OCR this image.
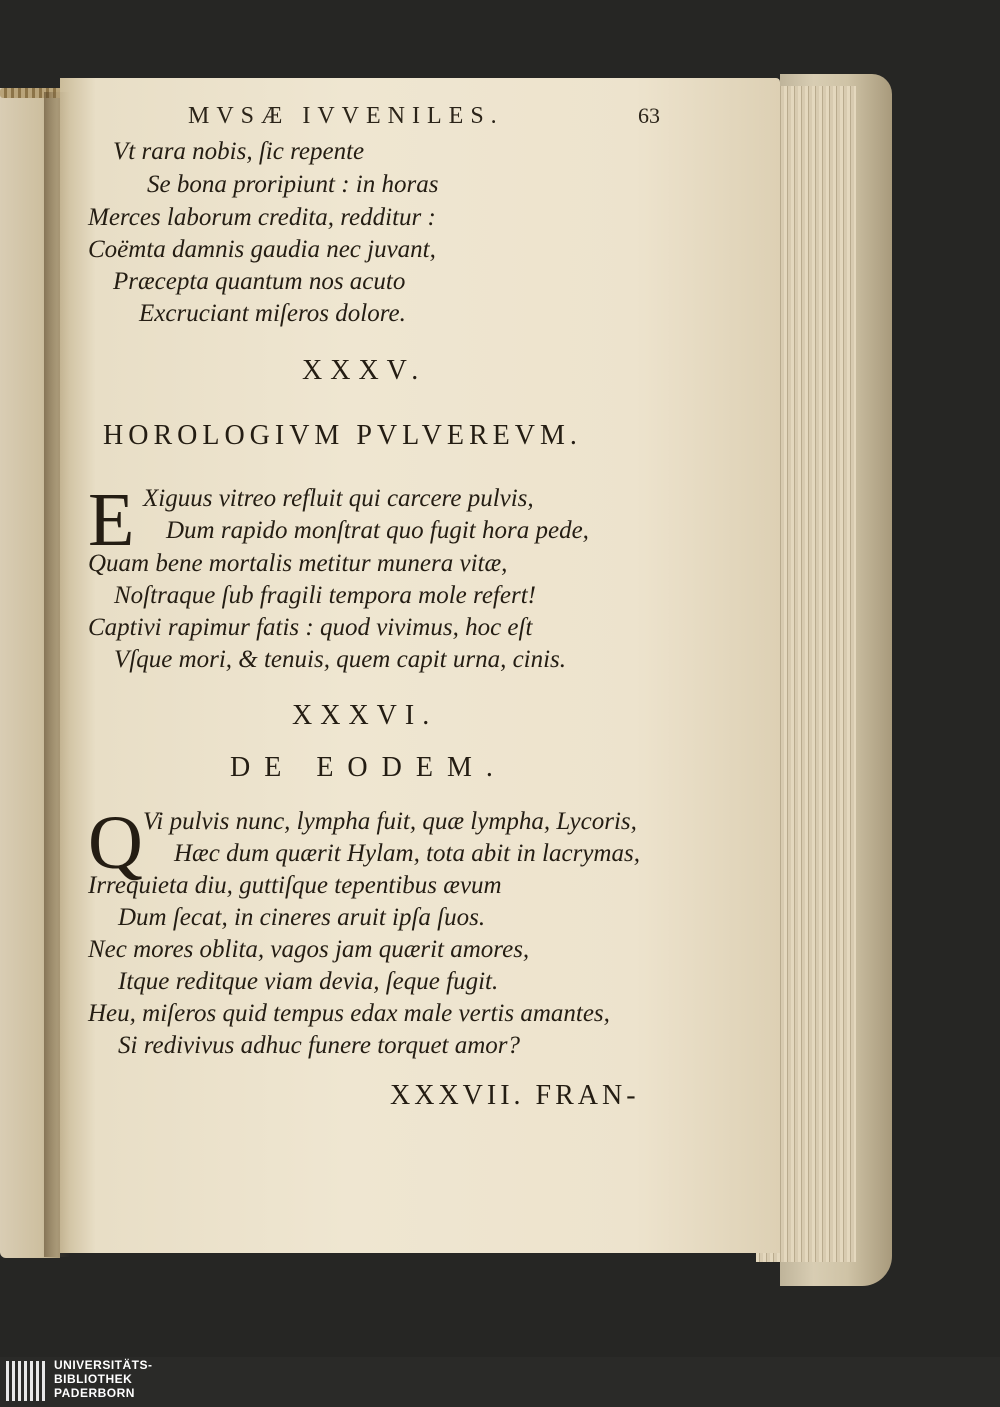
MVSÆ IVVENILES.	63
Vt rara nobis, ſic repente
Se bona proripiunt : in horas
Merces laborum credita, redditur :
Coëmta damnis gaudia nec juvant,
Præcepta quantum nos acuto
Excruciant miſeros dolore.
XXXV.
HOROLOGIVM PVLVEREVM.
E Xiguus vitreo refluit qui carcere pulvis,
Dum rapido monſtrat quo fugit hora pede,
Quam bene mortalis metitur munera vitæ,
Noſtraque ſub fragili tempora mole refert!
Captivi rapimur fatis : quod vivimus, hoc eſt
Vſque mori, & tenuis, quem capit urna, cinis.
XXXVI.
DE EODEM.
Q Vi pulvis nunc, lympha fuit, quæ lympha, Lycoris,
Hæc dum quærit Hylam, tota abit in lacrymas,
Irrequieta diu, guttiſque tepentibus ævum
Dum ſecat, in cineres aruit ipſa ſuos.
Nec mores oblita, vagos jam quærit amores,
Itque reditque viam devia, ſeque fugit.
Heu, miſeros quid tempus edax male vertis amantes,
Si redivivus adhuc funere torquet amor?
XXXVII. FRAN-
UNIVERSITÄTS-
BIBLIOTHEK
PADERBORN
